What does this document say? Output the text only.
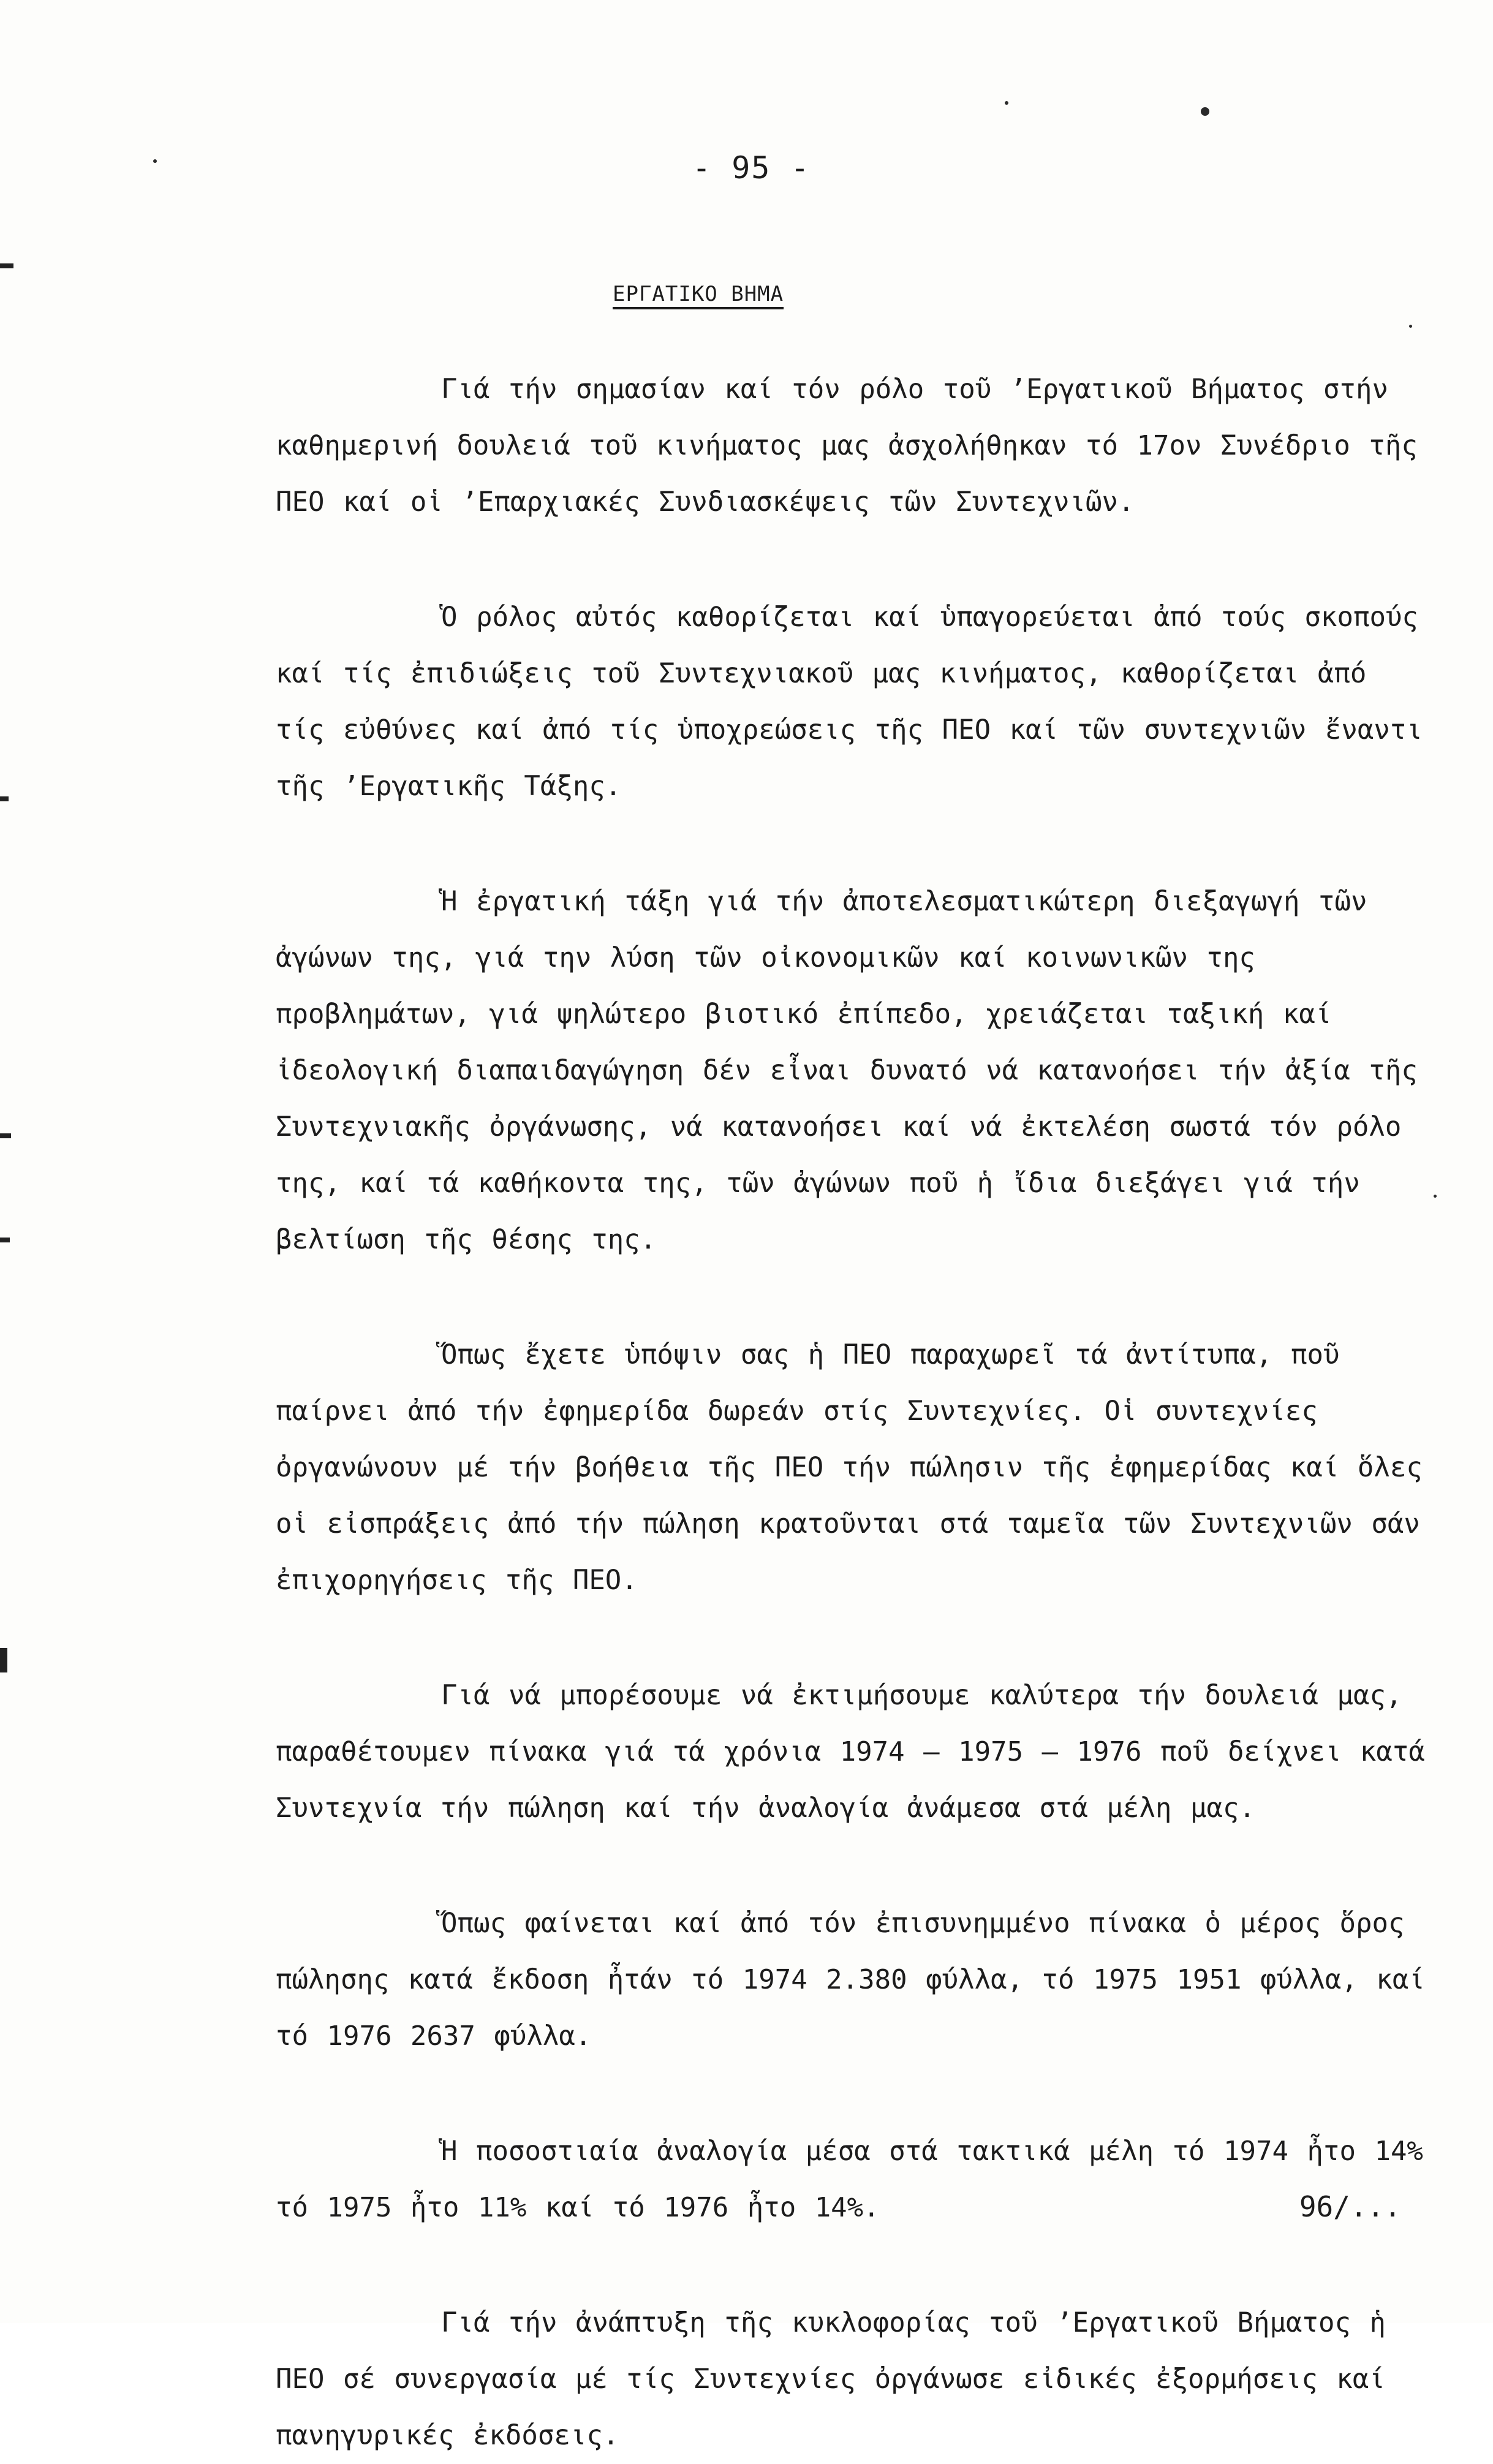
- 95 -
ΕΡΓΑΤΙΚΟ ΒΗΜΑ

Γιά τήν σημασίαν καί τόν ρόλο τοῦ ’Εργατικοῦ Βήματος στήν καθημερινή δουλειά τοῦ κινήματος μας ἀσχολήθηκαν τό 17ον Συνέδριο τῆς ΠΕΟ καί οἱ ’Επαρχιακές Συνδιασκέψεις τῶν Συντεχνιῶν.

Ὁ ρόλος αὐτός καθορίζεται καί ὑπαγορεύεται ἀπό τούς σκοπούς καί τίς ἐπιδιώξεις τοῦ Συντεχνιακοῦ μας κινήματος, καθορίζεται ἀπό τίς εὐθύνες καί ἀπό τίς ὑποχρεώσεις τῆς ΠΕΟ καί τῶν συντεχνιῶν ἔναντι τῆς ’Εργατικῆς Τάξης.

Ἡ ἐργατική τάξη γιά τήν ἀποτελεσματικώτερη διεξαγωγή τῶν ἀγώνων της, γιά την λύση τῶν οἰκονομικῶν καί κοινωνικῶν της προβλημάτων, γιά ψηλώτερο βιοτικό ἐπίπεδο, χρειάζεται ταξική καί ἰδεολογική διαπαιδαγώγηση δέν εἶναι δυνατό νά κατανοήσει τήν ἀξία τῆς Συντεχνιακῆς ὀργάνωσης, νά κατανοήσει καί νά ἐκτελέση σωστά τόν ρόλο της, καί τά καθήκοντα της, τῶν ἀγώνων ποῦ ἡ ἴδια διεξάγει γιά τήν βελτίωση τῆς θέσης της.

Ὅπως ἔχετε ὑπόψιν σας ἡ ΠΕΟ παραχωρεῖ τά ἀντίτυπα, ποῦ παίρνει ἀπό τήν ἐφημερίδα δωρεάν στίς Συντεχνίες. Οἱ συντεχνίες ὀργανώνουν μέ τήν βοήθεια τῆς ΠΕΟ τήν πώλησιν τῆς ἐφημερίδας καί ὅλες οἱ εἰσπράξεις ἀπό τήν πώληση κρατοῦνται στά ταμεῖα τῶν Συντεχνιῶν σάν ἐπιχορηγήσεις τῆς ΠΕΟ.

Γιά νά μπορέσουμε νά ἐκτιμήσουμε καλύτερα τήν δουλειά μας, παραθέτουμεν πίνακα γιά τά χρόνια 1974 – 1975 – 1976 ποῦ δείχνει κατά Συντεχνία τήν πώληση καί τήν ἀναλογία ἀνάμεσα στά μέλη μας.

Ὅπως φαίνεται καί ἀπό τόν ἐπισυνημμένο πίνακα ὁ μέρος ὅρος πώλησης κατά ἔκδοση ἦτάν τό 1974 2.380 φύλλα, τό 1975 1951 φύλλα, καί τό 1976 2637 φύλλα.

Ἡ ποσοστιαία ἀναλογία μέσα στά τακτικά μέλη τό 1974 ἦτο 14% τό 1975 ἦτο 11% καί τό 1976 ἦτο 14%.

Γιά τήν ἀνάπτυξη τῆς κυκλοφορίας τοῦ ’Εργατικοῦ Βήματος ἡ ΠΕΟ σέ συνεργασία μέ τίς Συντεχνίες ὀργάνωσε εἰδικές ἐξορμήσεις καί πανηγυρικές ἐκδόσεις.

96/...
